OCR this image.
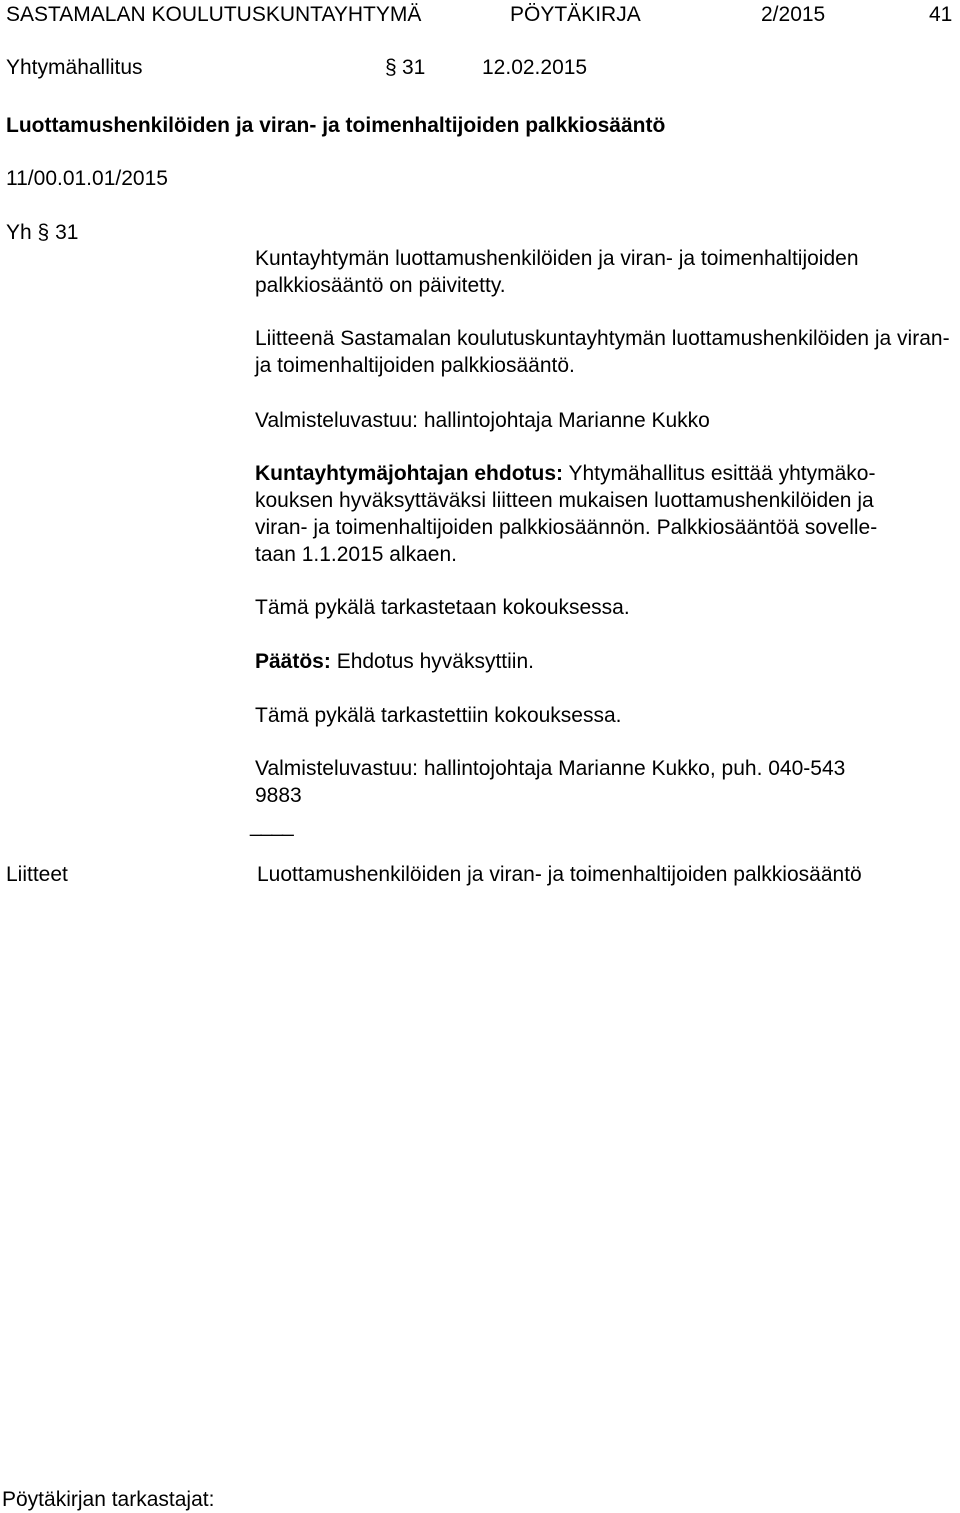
SASTAMALAN KOULUTUSKUNTAYHTYMÄ	PÖYTÄKIRJA	2/2015	41
Yhtymähallitus	§ 31	12.02.2015
Luottamushenkilöiden ja viran- ja toimenhaltijoiden palkkiosääntö
11/00.01.01/2015
Yh § 31

Kuntayhtymän luottamushenkilöiden ja viran- ja toimenhaltijoiden palkkiosääntö on päivitetty.

Liitteenä Sastamalan koulutuskuntayhtymän luottamushenkilöiden ja viran- ja toimenhaltijoiden palkkiosääntö.

Valmisteluvastuu: hallintojohtaja Marianne Kukko

Kuntayhtymäjohtajan ehdotus: Yhtymähallitus esittää yhtymäko-
kouksen hyväksyttäväksi liitteen mukaisen luottamushenkilöiden ja
viran- ja toimenhaltijoiden palkkiosäännön. Palkkiosääntöä sovelle-
taan 1.1.2015 alkaen.

Tämä pykälä tarkastetaan kokouksessa.

Päätös: Ehdotus hyväksyttiin.

Tämä pykälä tarkastettiin kokouksessa.

Valmisteluvastuu: hallintojohtaja Marianne Kukko, puh. 040-543
9883
____
Liitteet	Luottamushenkilöiden ja viran- ja toimenhaltijoiden palkkiosääntö
Pöytäkirjan tarkastajat:
